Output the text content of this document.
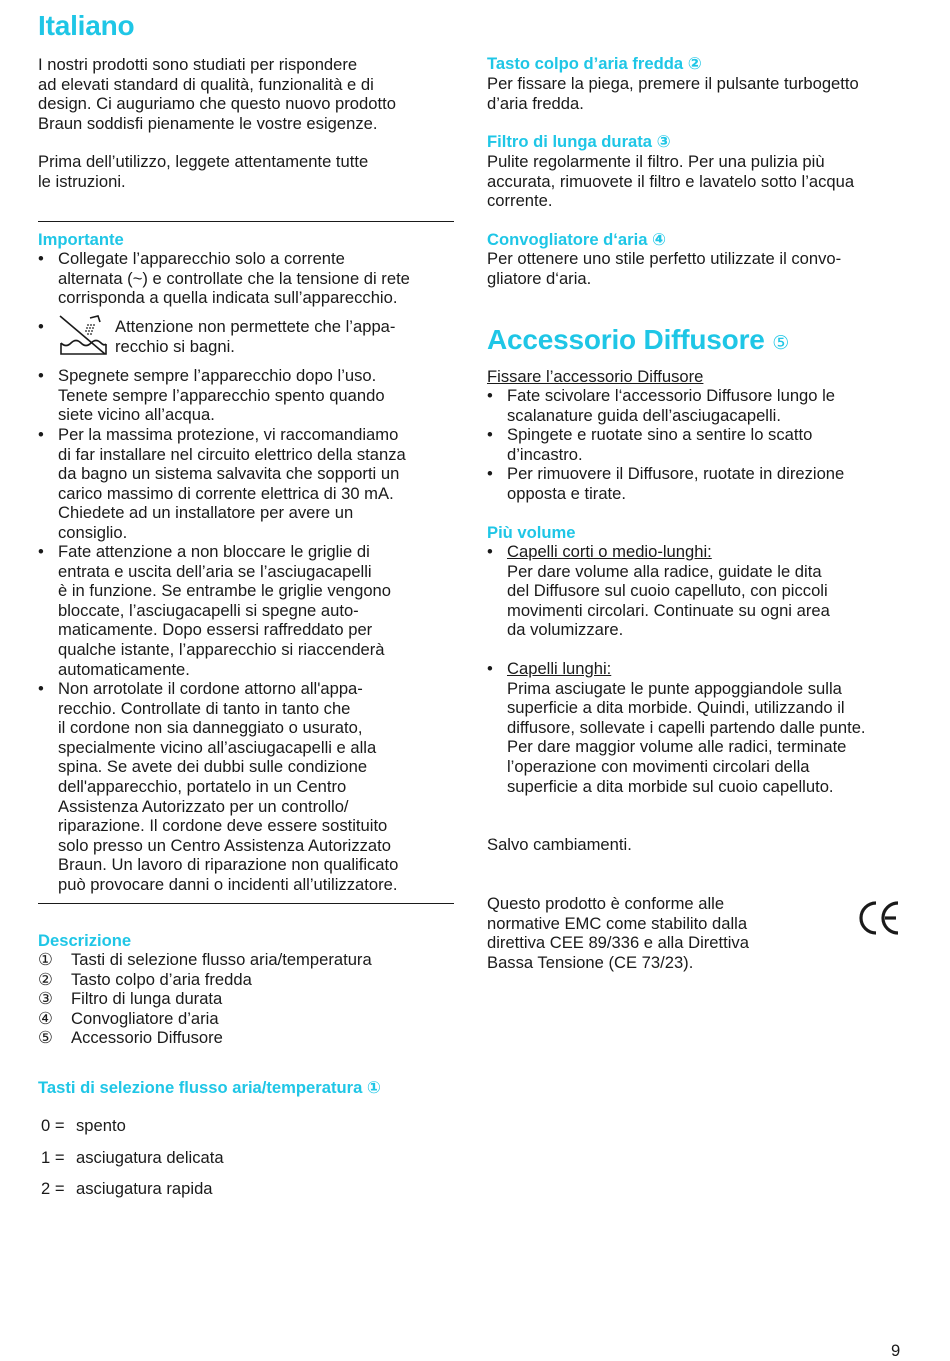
Italiano
I nostri prodotti sono studiati per rispondere
ad elevati standard di qualità, funzionalità e di
design. Ci auguriamo che questo nuovo prodotto
Braun soddisfi pienamente le vostre esigenze.
Prima dell’utilizzo, leggete attentamente tutte
le istruzioni.
Importante
• Collegate l’apparecchio solo a corrente
alternata (~) e controllate che la tensione di rete
corrisponda a quella indicata sull’apparecchio.
•	Attenzione non permettete che l’appa-
recchio si bagni.
• Spegnete sempre l’apparecchio dopo l’uso.
Tenete sempre l’apparecchio spento quando
siete vicino all’acqua.
• Per la massima protezione, vi raccomandiamo
di far installare nel circuito elettrico della stanza
da bagno un sistema salvavita che sopporti un
carico massimo di corrente elettrica di 30 mA.
Chiedete ad un installatore per avere un
consiglio.
• Fate attenzione a non bloccare le griglie di
entrata e uscita dell’aria se l’asciugacapelli
è in funzione. Se entrambe le griglie vengono
bloccate, l’asciugacapelli si spegne auto-
maticamente. Dopo essersi raffreddato per
qualche istante, l’apparecchio si riaccenderà
automaticamente.
• Non arrotolate il cordone attorno all'appa-
recchio. Controllate di tanto in tanto che
il cordone non sia danneggiato o usurato,
specialmente vicino all’asciugacapelli e alla
spina. Se avete dei dubbi sulle condizione
dell'apparecchio, portatelo in un Centro
Assistenza Autorizzato per un controllo/
riparazione. Il cordone deve essere sostituito
solo presso un Centro Assistenza Autorizzato
Braun. Un lavoro di riparazione non qualificato
può provocare danni o incidenti all’utilizzatore.
Descrizione
① Tasti di selezione flusso aria/temperatura
② Tasto colpo d’aria fredda
③ Filtro di lunga durata
④ Convogliatore d’aria
⑤ Accessorio Diffusore
Tasti di selezione flusso aria/temperatura ①
0 = spento
1 = asciugatura delicata
2 = asciugatura rapida
Tasto colpo d’aria fredda ②
Per fissare la piega, premere il pulsante turbogetto
d’aria fredda.
Filtro di lunga durata ③
Pulite regolarmente il filtro. Per una pulizia più
accurata, rimuovete il filtro e lavatelo sotto l’acqua
corrente.
Convogliatore d‘aria ④
Per ottenere uno stile perfetto utilizzate il convo-
gliatore d‘aria.
Accessorio Diffusore ⑤
Fissare l’accessorio Diffusore
• Fate scivolare l‘accessorio Diffusore lungo le
scalanature guida dell’asciugacapelli.
• Spingete e ruotate sino a sentire lo scatto
d’incastro.
• Per rimuovere il Diffusore, ruotate in direzione
opposta e tirate.
Più volume
• Capelli corti o medio-lunghi:
Per dare volume alla radice, guidate le dita
del Diffusore sul cuoio capelluto, con piccoli
movimenti circolari. Continuate su ogni area
da volumizzare.
• Capelli lunghi:
Prima asciugate le punte appoggiandole sulla
superficie a dita morbide. Quindi, utilizzando il
diffusore, sollevate i capelli partendo dalle punte.
Per dare maggior volume alle radici, terminate
l’operazione con movimenti circolari della
superficie a dita morbide sul cuoio capelluto.
Salvo cambiamenti.
Questo prodotto è conforme alle
normative EMC come stabilito dalla
direttiva CEE 89/336 e alla Direttiva
Bassa Tensione (CE 73/23).
9
